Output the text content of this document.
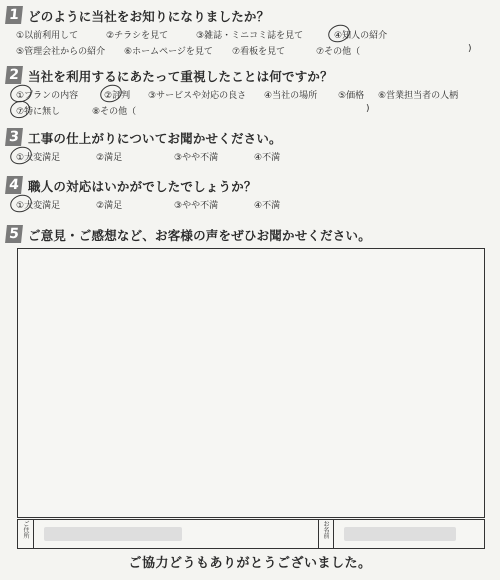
1 どのように当社をお知りになりましたか？
①以前利用して	②チラシを見て	③雑誌・ミニコミ誌を見て	④知人の紹介
⑤管理会社からの紹介 ⑥ホームページを見て ⑦看板を見て	⑦その他（	)
2 当社を利用するにあたって重視したことは何ですか？
①プランの内容	②評判 ③サービスや対応の良さ ④当社の場所 ⑤価格 ⑥営業担当者の人柄
⑦特に無し	⑧その他（	)
3 工事の仕上がりについてお聞かせください。
①大変満足	②満足	③やや不満	④不満
4 職人の対応はいかがでしたでしょうか？
①大変満足	②満足	③やや不満	④不満
5 ご意見・ご感想など、お客様の声をぜひお聞かせください。
ご住所
お名前
ご協力どうもありがとうございました。
